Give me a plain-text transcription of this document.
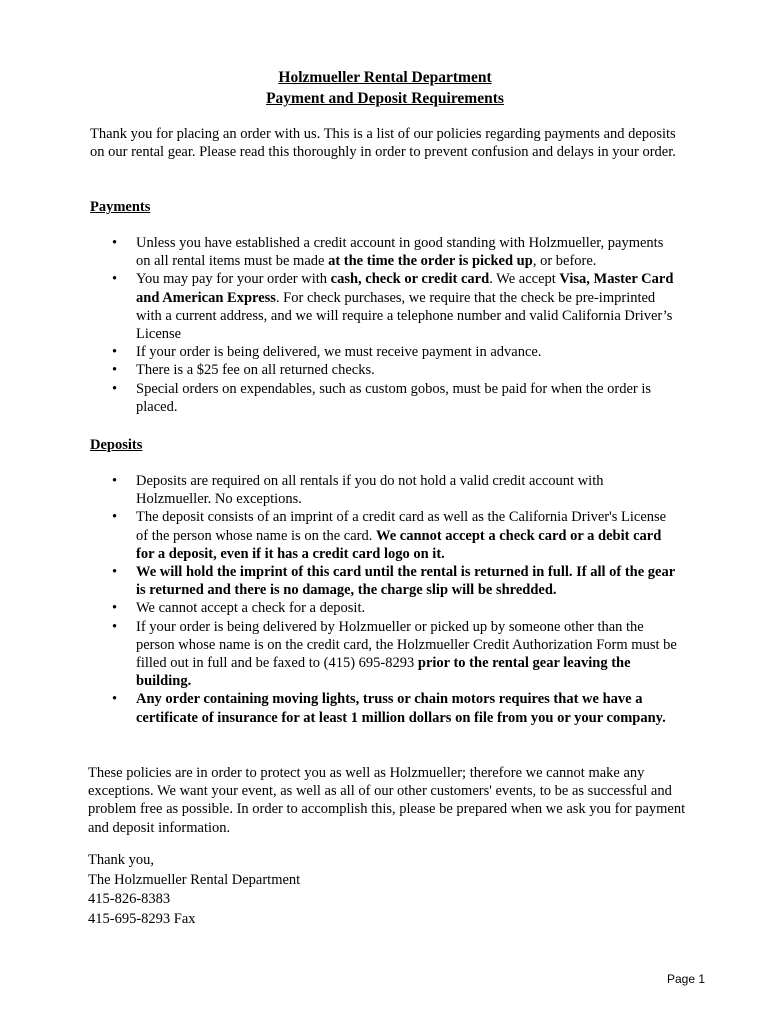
Holzmueller Rental Department
Payment and Deposit Requirements
Thank you for placing an order with us. This is a list of our policies regarding payments and deposits on our rental gear. Please read this thoroughly in order to prevent confusion and delays in your order.
Payments
• Unless you have established a credit account in good standing with Holzmueller, payments on all rental items must be made at the time the order is picked up, or before.
• You may pay for your order with cash, check or credit card. We accept Visa, Master Card and American Express. For check purchases, we require that the check be pre-imprinted with a current address, and we will require a telephone number and valid California Driver’s License
• If your order is being delivered, we must receive payment in advance.
• There is a $25 fee on all returned checks.
• Special orders on expendables, such as custom gobos, must be paid for when the order is placed.
Deposits
• Deposits are required on all rentals if you do not hold a valid credit account with Holzmueller. No exceptions.
• The deposit consists of an imprint of a credit card as well as the California Driver's License of the person whose name is on the card. We cannot accept a check card or a debit card for a deposit, even if it has a credit card logo on it.
• We will hold the imprint of this card until the rental is returned in full. If all of the gear is returned and there is no damage, the charge slip will be shredded.
• We cannot accept a check for a deposit.
• If your order is being delivered by Holzmueller or picked up by someone other than the person whose name is on the credit card, the Holzmueller Credit Authorization Form must be filled out in full and be faxed to (415) 695-8293 prior to the rental gear leaving the building.
• Any order containing moving lights, truss or chain motors requires that we have a certificate of insurance for at least 1 million dollars on file from you or your company.
These policies are in order to protect you as well as Holzmueller; therefore we cannot make any exceptions. We want your event, as well as all of our other customers' events, to be as successful and problem free as possible. In order to accomplish this, please be prepared when we ask you for payment and deposit information.
Thank you,
The Holzmueller Rental Department
415-826-8383
415-695-8293 Fax
Page 1
